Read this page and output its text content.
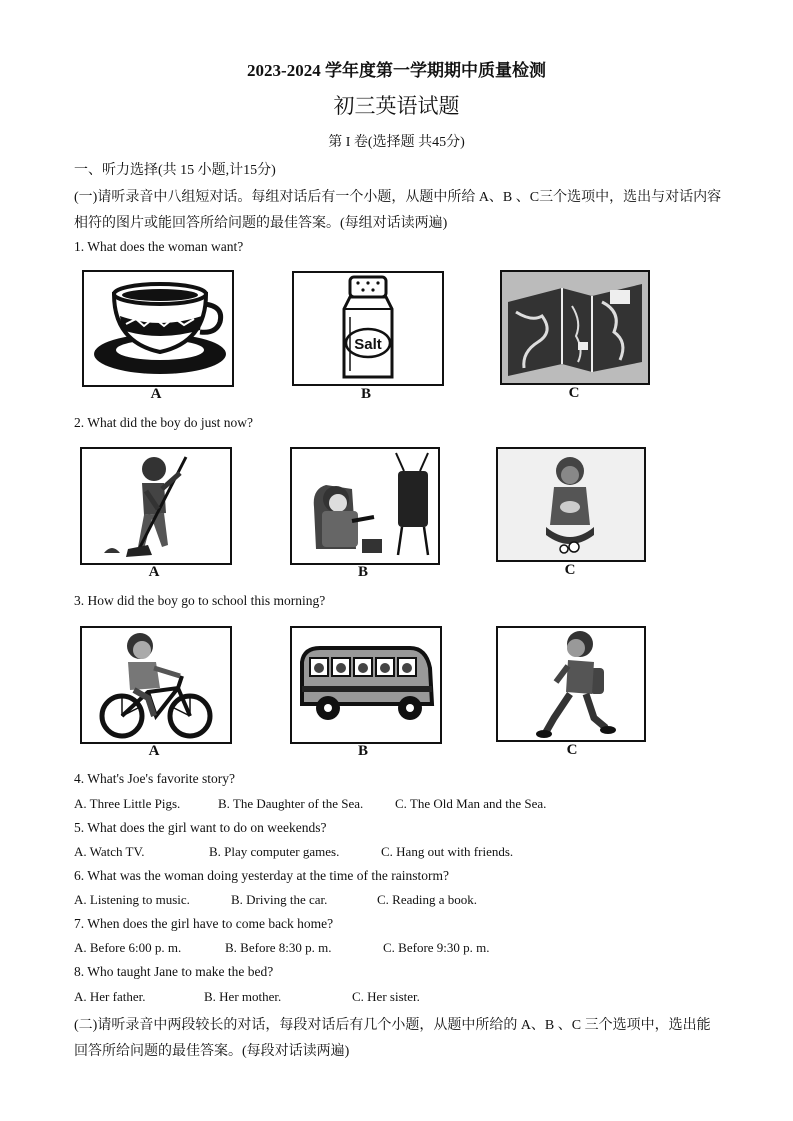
2023-2024 学年度第一学期期中质量检测
初三英语试题
第 I 卷(选择题 共45分)
一、听力选择(共 15 小题,计15分)
(一)请听录音中八组短对话。每组对话后有一个小题，从题中所给 A、B 、C三个选项中，选出与对话内容
相符的图片或能回答所给问题的最佳答案。(每组对话读两遍)
1. What does the woman want?
A
Salt
B	C
2. What did the boy do just now?
A	B	C
3. How did the boy go to school this morning?
A	B	C
4. What's Joe's favorite story?
A. Three Little Pigs.	B. The Daughter of the Sea. C. The Old Man and the Sea.
5. What does the girl want to do on weekends?
A. Watch TV.	B. Play computer games.	C. Hang out with friends.
6. What was the woman doing yesterday at the time of the rainstorm?
A. Listening to music.	B. Driving the car.	C. Reading a book.
7. When does the girl have to come back home?
A. Before 6:00 p. m.	B. Before 8:30 p. m.	C. Before 9:30 p. m.
8. Who taught Jane to make the bed?
A. Her father.	B. Her mother.	C. Her sister.
(二)请听录音中两段较长的对话，每段对话后有几个小题，从题中所给的 A、B 、C 三个选项中，选出能
回答所给问题的最佳答案。(每段对话读两遍)
